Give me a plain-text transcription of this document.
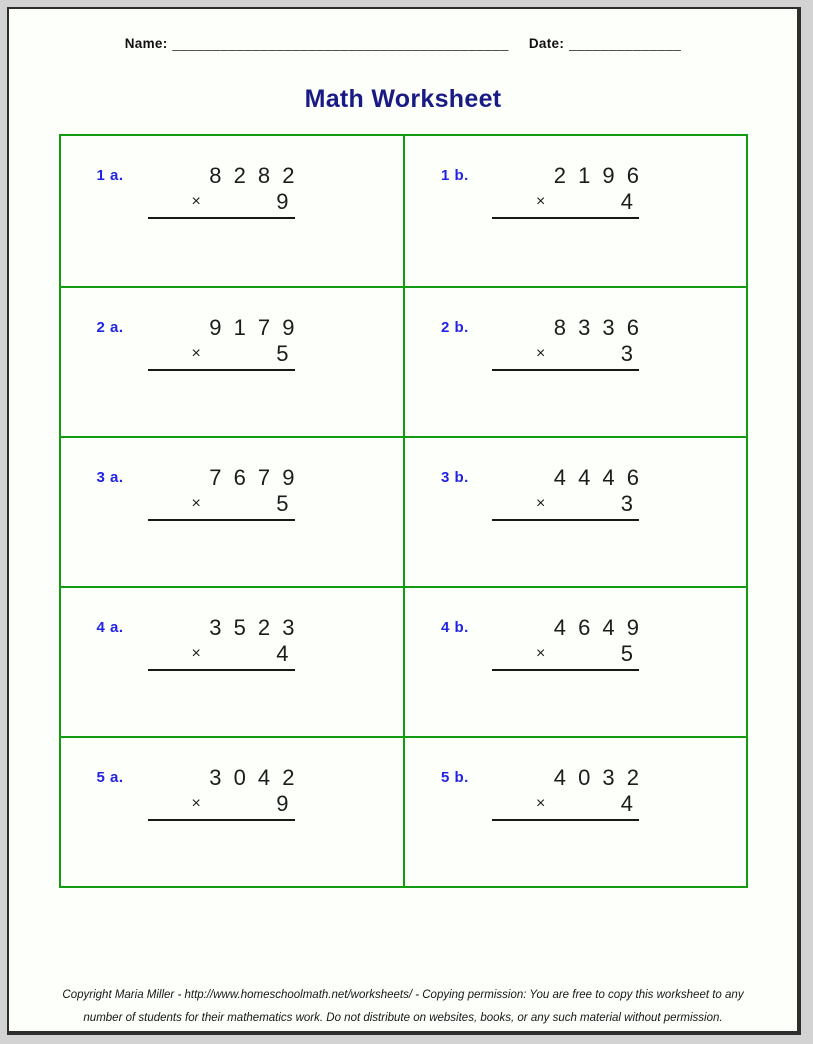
Name: __________________________________________ Date: ______________
Math Worksheet
1 a.	8 2 8 2
×	9
1 b.	2 1 9 6
×	4
2 a.	9 1 7 9
×	5
2 b.	8 3 3 6
×	3
3 a.	7 6 7 9
×	5
3 b.	4 4 4 6
×	3
4 a.	3 5 2 3
×	4
4 b.	4 6 4 9
×	5
5 a.	3 0 4 2
×	9
5 b.	4 0 3 2
×	4
Copyright Maria Miller - http://www.homeschoolmath.net/worksheets/ - Copying permission: You are free to copy this worksheet to any
number of students for their mathematics work. Do not distribute on websites, books, or any such material without permission.
